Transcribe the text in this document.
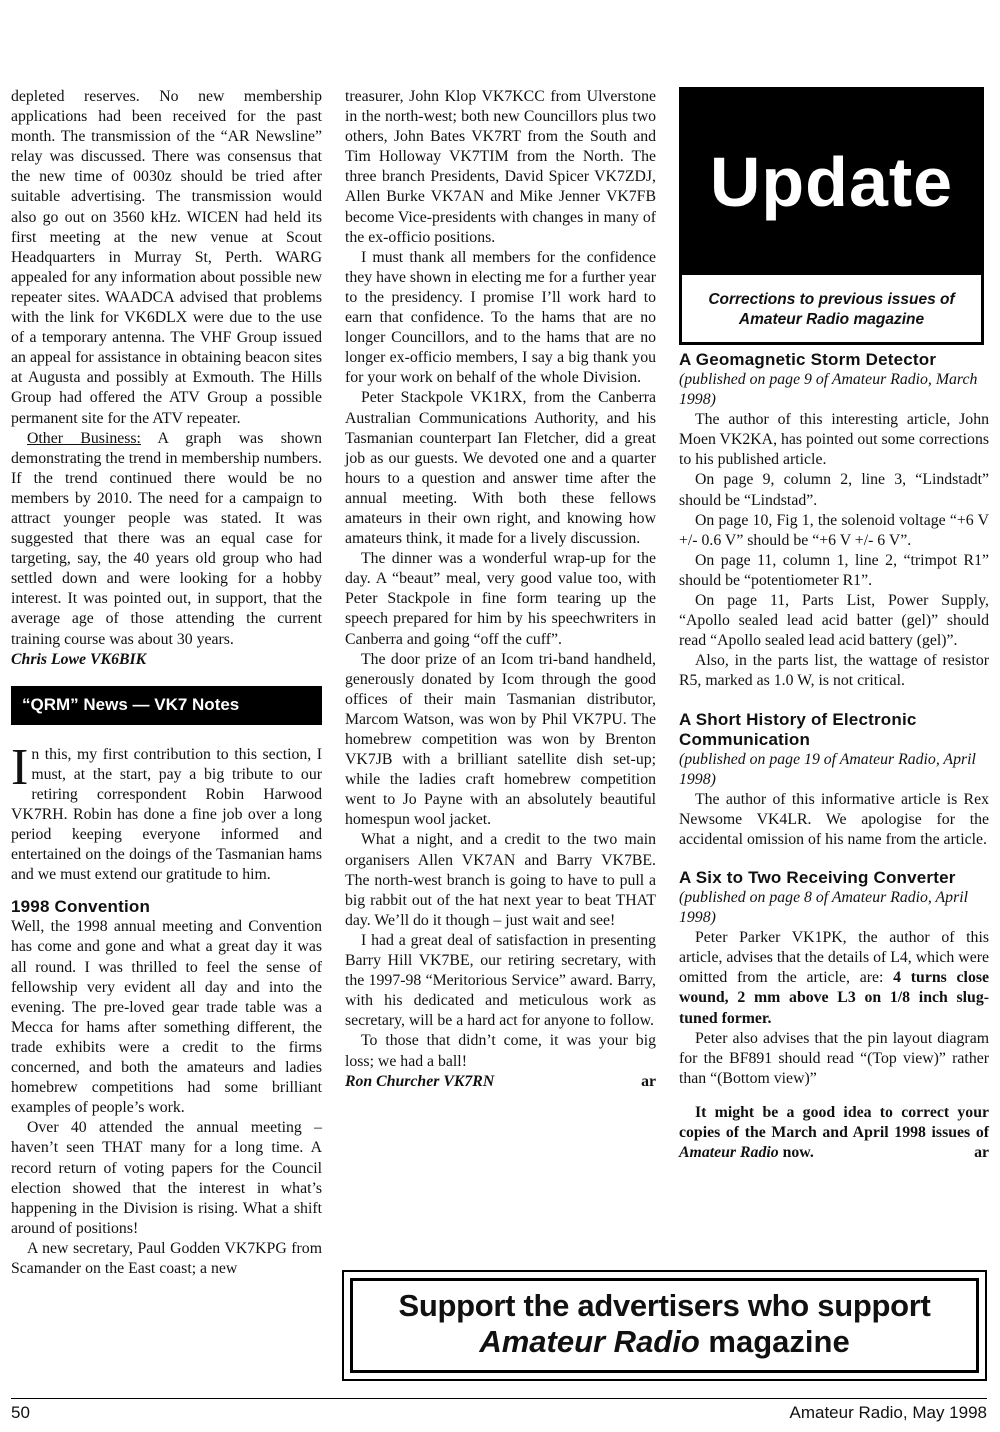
depleted reserves. No new membership applications had been received for the past month. The transmission of the “AR Newsline” relay was discussed. There was consensus that the new time of 0030z should be tried after suitable advertising. The transmission would also go out on 3560 kHz. WICEN had held its first meeting at the new venue at Scout Headquarters in Murray St, Perth. WARG appealed for any information about possible new repeater sites. WAADCA advised that problems with the link for VK6DLX were due to the use of a temporary antenna. The VHF Group issued an appeal for assistance in obtaining beacon sites at Augusta and possibly at Exmouth. The Hills Group had offered the ATV Group a possible permanent site for the ATV repeater.

Other Business: A graph was shown demonstrating the trend in membership numbers. If the trend continued there would be no members by 2010. The need for a campaign to attract younger people was stated. It was suggested that there was an equal case for targeting, say, the 40 years old group who had settled down and were looking for a hobby interest. It was pointed out, in support, that the average age of those attending the current training course was about 30 years.

Chris Lowe VK6BIK

“QRM” News — VK7 Notes

In this, my first contribution to this section, I must, at the start, pay a big tribute to our retiring correspondent Robin Harwood VK7RH. Robin has done a fine job over a long period keeping everyone informed and entertained on the doings of the Tasmanian hams and we must extend our gratitude to him.

1998 Convention

Well, the 1998 annual meeting and Convention has come and gone and what a great day it was all round. I was thrilled to feel the sense of fellowship very evident all day and into the evening. The pre-loved gear trade table was a Mecca for hams after something different, the trade exhibits were a credit to the firms concerned, and both the amateurs and ladies homebrew competitions had some brilliant examples of people’s work.

Over 40 attended the annual meeting – haven’t seen THAT many for a long time. A record return of voting papers for the Council election showed that the interest in what’s happening in the Division is rising. What a shift around of positions!

A new secretary, Paul Godden VK7KPG from Scamander on the East coast; a new

treasurer, John Klop VK7KCC from Ulverstone in the north-west; both new Councillors plus two others, John Bates VK7RT from the South and Tim Holloway VK7TIM from the North. The three branch Presidents, David Spicer VK7ZDJ, Allen Burke VK7AN and Mike Jenner VK7FB become Vice-presidents with changes in many of the ex-officio positions.

I must thank all members for the confidence they have shown in electing me for a further year to the presidency. I promise I’ll work hard to earn that confidence. To the hams that are no longer Councillors, and to the hams that are no longer ex-officio members, I say a big thank you for your work on behalf of the whole Division.

Peter Stackpole VK1RX, from the Canberra Australian Communications Authority, and his Tasmanian counterpart Ian Fletcher, did a great job as our guests. We devoted one and a quarter hours to a question and answer time after the annual meeting. With both these fellows amateurs in their own right, and knowing how amateurs think, it made for a lively discussion.

The dinner was a wonderful wrap-up for the day. A “beaut” meal, very good value too, with Peter Stackpole in fine form tearing up the speech prepared for him by his speechwriters in Canberra and going “off the cuff”.

The door prize of an Icom tri-band handheld, generously donated by Icom through the good offices of their main Tasmanian distributor, Marcom Watson, was won by Phil VK7PU. The homebrew competition was won by Brenton VK7JB with a brilliant satellite dish set-up; while the ladies craft homebrew competition went to Jo Payne with an absolutely beautiful homespun wool jacket.

What a night, and a credit to the two main organisers Allen VK7AN and Barry VK7BE. The north-west branch is going to have to pull a big rabbit out of the hat next year to beat THAT day. We’ll do it though – just wait and see!

I had a great deal of satisfaction in presenting Barry Hill VK7BE, our retiring secretary, with the 1997-98 “Meritorious Service” award. Barry, with his dedicated and meticulous work as secretary, will be a hard act for anyone to follow.

To those that didn’t come, it was your big loss; we had a ball!

Ron Churcher VK7RN	ar
Update
Corrections to previous issues of Amateur Radio magazine

A Geomagnetic Storm Detector

(published on page 9 of Amateur Radio, March 1998)

The author of this interesting article, John Moen VK2KA, has pointed out some corrections to his published article.

On page 9, column 2, line 3, “Lindstadt” should be “Lindstad”.

On page 10, Fig 1, the solenoid voltage “+6 V +/- 0.6 V” should be “+6 V +/- 6 V”.

On page 11, column 1, line 2, “trimpot R1” should be “potentiometer R1”.

On page 11, Parts List, Power Supply, “Apollo sealed lead acid batter (gel)” should read “Apollo sealed lead acid battery (gel)”.

Also, in the parts list, the wattage of resistor R5, marked as 1.0 W, is not critical.

A Short History of Electronic Communication

(published on page 19 of Amateur Radio, April 1998)

The author of this informative article is Rex Newsome VK4LR. We apologise for the accidental omission of his name from the article.

A Six to Two Receiving Converter

(published on page 8 of Amateur Radio, April 1998)

Peter Parker VK1PK, the author of this article, advises that the details of L4, which were omitted from the article, are: 4 turns close wound, 2 mm above L3 on 1/8 inch slug-tuned former.

Peter also advises that the pin layout diagram for the BF891 should read “(Top view)” rather than “(Bottom view)”

It might be a good idea to correct your copies of the March and April 1998 issues of Amateur Radio now.	ar

Support the advertisers who support
Amateur Radio magazine
50	Amateur Radio, May 1998
